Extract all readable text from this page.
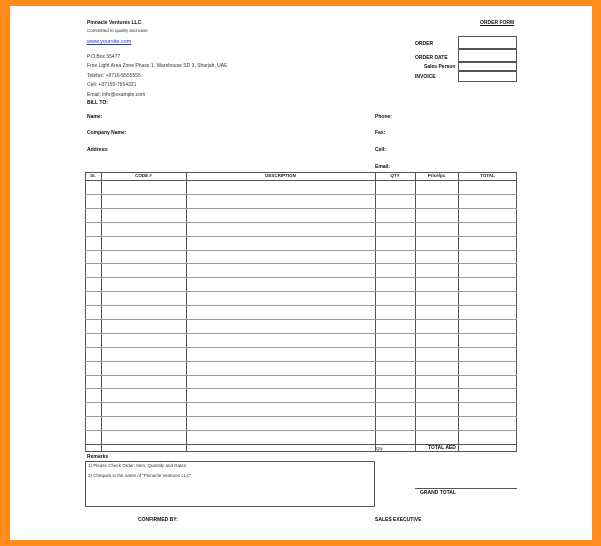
Pinnacle Ventures LLC
Committed to quality and ease
www.yoursite.com
P.O.Box 55477
Free Light Area Zone Phase 1, Warehouse SD 3, Sharjah, UAE
Telefax: +9716-5555555
Cell: +97155-7654321
Email: info@example.com
ORDER FORM
ORDER
ORDER DATE
Sales Person
INVOICE
BILL TO:
Name:
Company Name:
Address:
Phone:
Fax:
Cell:
Email:
Sr.	CODE #	DESCRIPTION	QTY	Price/pc	TOTAL
Qty	TOTAL AED
Remarks
1) Please Check Order: Item, Quantity and Rates.
2) Cheques in the name of "Pinnacle Ventures LLC"
GRAND TOTAL
CONFIRMED BY:	SALES EXECUTIVE
